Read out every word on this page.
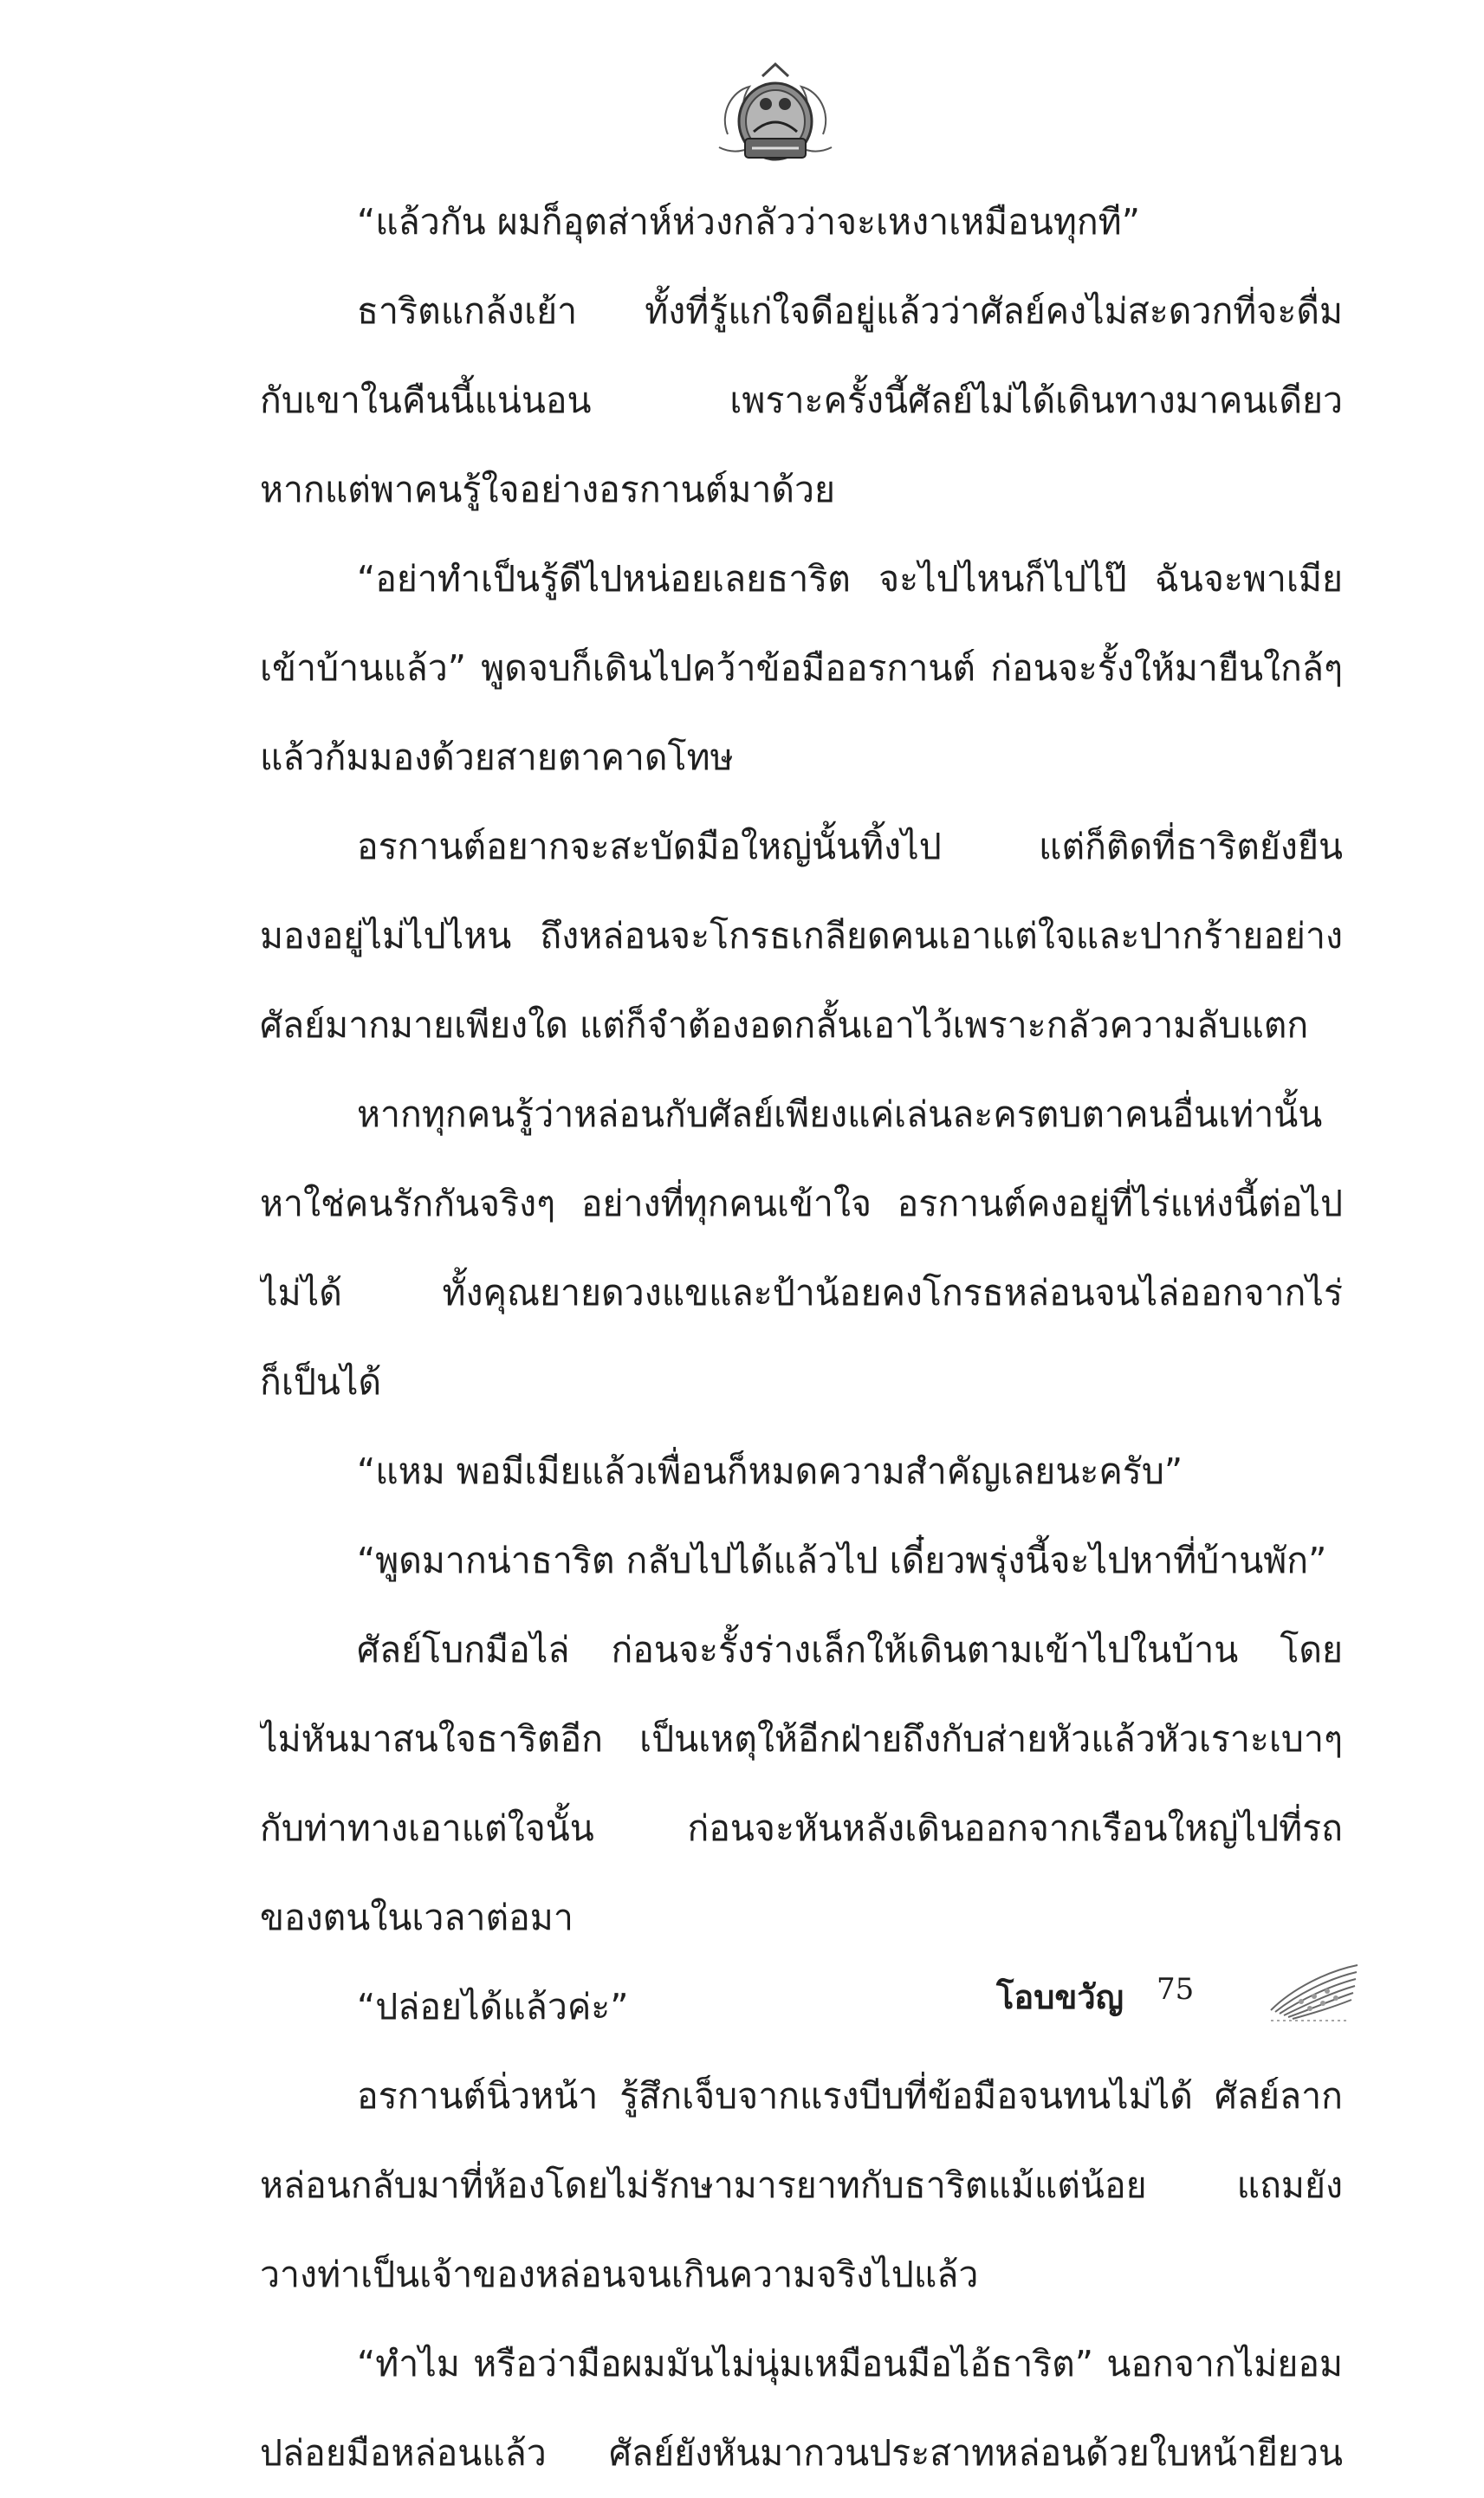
“แล้วกัน ผมก็อุตส่าห์ห่วงกลัวว่าจะเหงาเหมือนทุกที”
ธาริตแกล้งเย้า ทั้งที่รู้แก่ใจดีอยู่แล้วว่าศัลย์คงไม่สะดวกที่จะดื่ม
กับเขาในคืนนี้แน่นอน เพราะครั้งนี้ศัลย์ไม่ได้เดินทางมาคนเดียว
หากแต่พาคนรู้ใจอย่างอรกานต์มาด้วย
“อย่าทำเป็นรู้ดีไปหน่อยเลยธาริต จะไปไหนก็ไปไป๊ ฉันจะพาเมีย
เข้าบ้านแล้ว” พูดจบก็เดินไปคว้าข้อมืออรกานต์ ก่อนจะรั้งให้มายืนใกล้ๆ
แล้วก้มมองด้วยสายตาคาดโทษ
อรกานต์อยากจะสะบัดมือใหญ่นั้นทิ้งไป แต่ก็ติดที่ธาริตยังยืน
มองอยู่ไม่ไปไหน ถึงหล่อนจะโกรธเกลียดคนเอาแต่ใจและปากร้ายอย่าง
ศัลย์มากมายเพียงใด แต่ก็จำต้องอดกลั้นเอาไว้เพราะกลัวความลับแตก
หากทุกคนรู้ว่าหล่อนกับศัลย์เพียงแค่เล่นละครตบตาคนอื่นเท่านั้น
หาใช่คนรักกันจริงๆ อย่างที่ทุกคนเข้าใจ อรกานต์คงอยู่ที่ไร่แห่งนี้ต่อไป
ไม่ได้ ทั้งคุณยายดวงแขและป้าน้อยคงโกรธหล่อนจนไล่ออกจากไร่
ก็เป็นได้
“แหม พอมีเมียแล้วเพื่อนก็หมดความสำคัญเลยนะครับ”
“พูดมากน่าธาริต กลับไปได้แล้วไป เดี๋ยวพรุ่งนี้จะไปหาที่บ้านพัก”
ศัลย์โบกมือไล่ ก่อนจะรั้งร่างเล็กให้เดินตามเข้าไปในบ้าน โดย
ไม่หันมาสนใจธาริตอีก เป็นเหตุให้อีกฝ่ายถึงกับส่ายหัวแล้วหัวเราะเบาๆ
กับท่าทางเอาแต่ใจนั้น ก่อนจะหันหลังเดินออกจากเรือนใหญ่ไปที่รถ
ของตนในเวลาต่อมา
“ปล่อยได้แล้วค่ะ”
อรกานต์นิ่วหน้า รู้สึกเจ็บจากแรงบีบที่ข้อมือจนทนไม่ได้ ศัลย์ลาก
หล่อนกลับมาที่ห้องโดยไม่รักษามารยาทกับธาริตแม้แต่น้อย แถมยัง
วางท่าเป็นเจ้าของหล่อนจนเกินความจริงไปแล้ว
“ทำไม หรือว่ามือผมมันไม่นุ่มเหมือนมือไอ้ธาริต” นอกจากไม่ยอม
ปล่อยมือหล่อนแล้ว ศัลย์ยังหันมากวนประสาทหล่อนด้วยใบหน้ายียวน
โอบขวัญ 75
